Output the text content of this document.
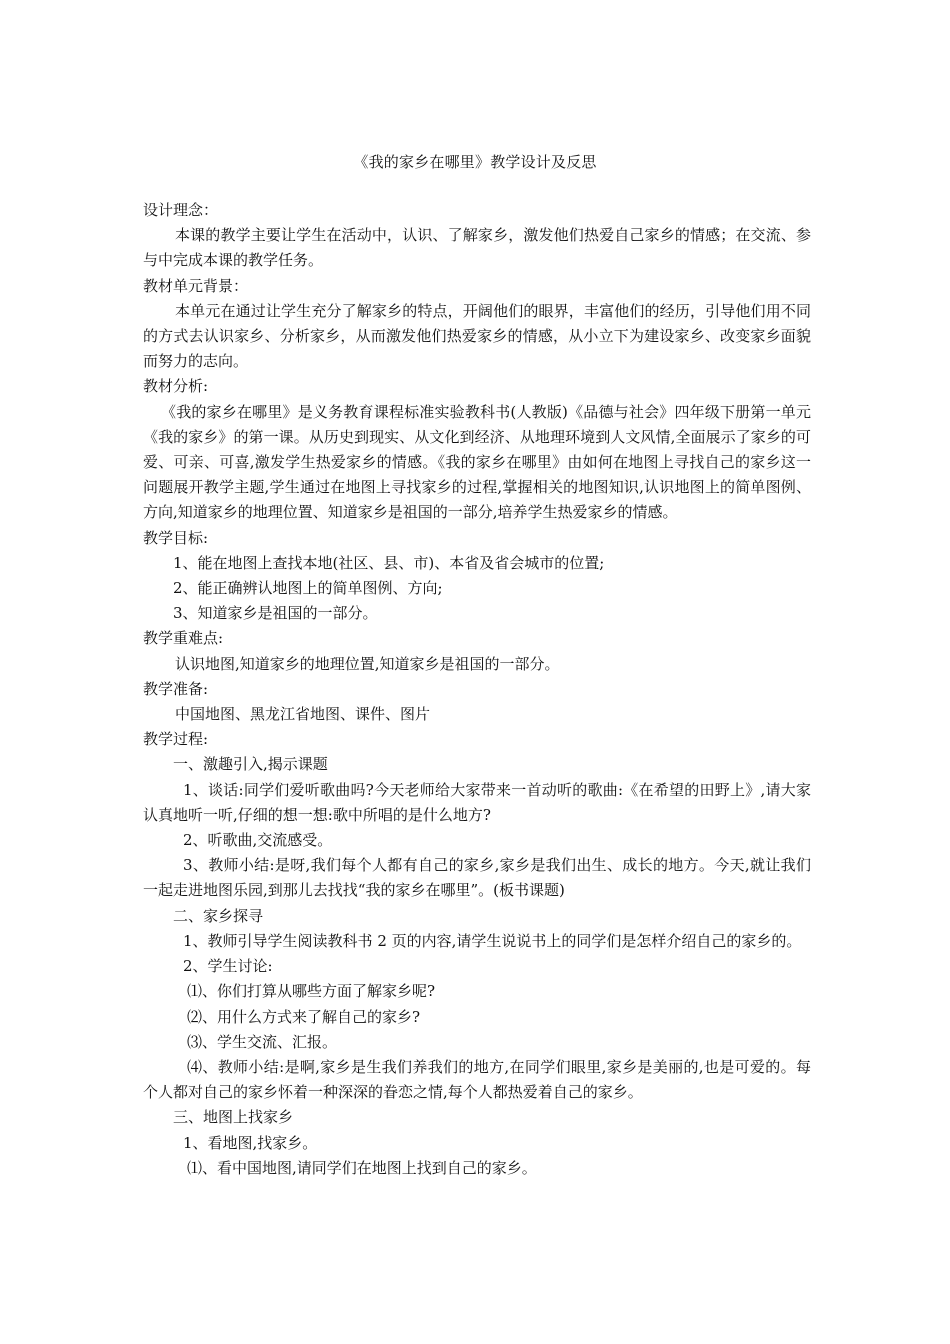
《我的家乡在哪里》教学设计及反思

设计理念：

本课的教学主要让学生在活动中，认识、了解家乡，激发他们热爱自己家乡的情感；在交流、参与中完成本课的教学任务。

教材单元背景：

本单元在通过让学生充分了解家乡的特点，开阔他们的眼界，丰富他们的经历，引导他们用不同的方式去认识家乡、分析家乡，从而激发他们热爱家乡的情感，从小立下为建设家乡、改变家乡面貌而努力的志向。

教材分析:

《我的家乡在哪里》是义务教育课程标准实验教科书(人教版)《品德与社会》四年级下册第一单元《我的家乡》的第一课。从历史到现实、从文化到经济、从地理环境到人文风情,全面展示了家乡的可爱、可亲、可喜,激发学生热爱家乡的情感。《我的家乡在哪里》由如何在地图上寻找自己的家乡这一问题展开教学主题,学生通过在地图上寻找家乡的过程,掌握相关的地图知识,认识地图上的简单图例、方向,知道家乡的地理位置、知道家乡是祖国的一部分,培养学生热爱家乡的情感。

教学目标:

1、能在地图上查找本地(社区、县、市)、本省及省会城市的位置;

2、能正确辨认地图上的简单图例、方向;

3、知道家乡是祖国的一部分。

教学重难点:

认识地图,知道家乡的地理位置,知道家乡是祖国的一部分。

教学准备:

中国地图、黑龙江省地图、课件、图片

教学过程:

一、激趣引入,揭示课题

1、谈话:同学们爱听歌曲吗?今天老师给大家带来一首动听的歌曲:《在希望的田野上》,请大家认真地听一听,仔细的想一想:歌中所唱的是什么地方?

2、听歌曲,交流感受。

3、教师小结:是呀,我们每个人都有自己的家乡,家乡是我们出生、成长的地方。今天,就让我们一起走进地图乐园,到那儿去找找“我的家乡在哪里”。(板书课题)

二、家乡探寻

1、教师引导学生阅读教科书 2 页的内容,请学生说说书上的同学们是怎样介绍自己的家乡的。

2、学生讨论:

⑴、你们打算从哪些方面了解家乡呢?

⑵、用什么方式来了解自己的家乡?

⑶、学生交流、汇报。

⑷、教师小结:是啊,家乡是生我们养我们的地方,在同学们眼里,家乡是美丽的,也是可爱的。每个人都对自己的家乡怀着一种深深的眷恋之情,每个人都热爱着自己的家乡。

三、地图上找家乡

1、看地图,找家乡。

⑴、看中国地图,请同学们在地图上找到自己的家乡。
